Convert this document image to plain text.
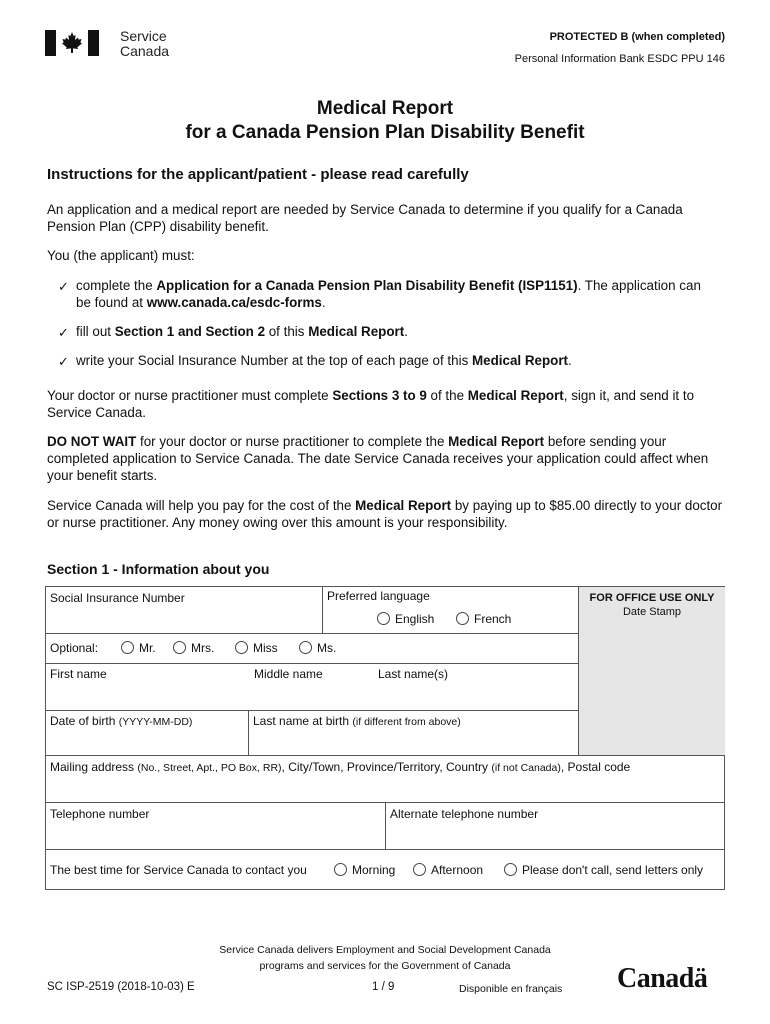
Service
Canada
PROTECTED B (when completed)
Personal Information Bank ESDC PPU 146
Medical Report
for a Canada Pension Plan Disability Benefit
Instructions for the applicant/patient - please read carefully
An application and a medical report are needed by Service Canada to determine if you qualify for a Canada Pension Plan (CPP) disability benefit.
You (the applicant) must:
✓ complete the Application for a Canada Pension Plan Disability Benefit (ISP1151). The application can be found at www.canada.ca/esdc-forms.
✓ fill out Section 1 and Section 2 of this Medical Report.
✓ write your Social Insurance Number at the top of each page of this Medical Report.
Your doctor or nurse practitioner must complete Sections 3 to 9 of the Medical Report, sign it, and send it to Service Canada.
DO NOT WAIT for your doctor or nurse practitioner to complete the Medical Report before sending your completed application to Service Canada. The date Service Canada receives your application could affect when your benefit starts.
Service Canada will help you pay for the cost of the Medical Report by paying up to $85.00 directly to your doctor or nurse practitioner. Any money owing over this amount is your responsibility.
Section 1 - Information about you
Social Insurance Number	Preferred language
English	French
FOR OFFICE USE ONLY
Date Stamp
Optional:	Mr.	Mrs.	Miss	Ms.
First name	Middle name	Last name(s)
Date of birth (YYYY-MM-DD)	Last name at birth (if different from above)
Mailing address (No., Street, Apt., PO Box, RR), City/Town, Province/Territory, Country (if not Canada), Postal code
Telephone number	Alternate telephone number
The best time for Service Canada to contact you	Morning	Afternoon	Please don't call, send letters only
Service Canada delivers Employment and Social Development Canada
programs and services for the Government of Canada
SC ISP-2519 (2018-10-03) E	1 / 9	Disponible en français Canadä
